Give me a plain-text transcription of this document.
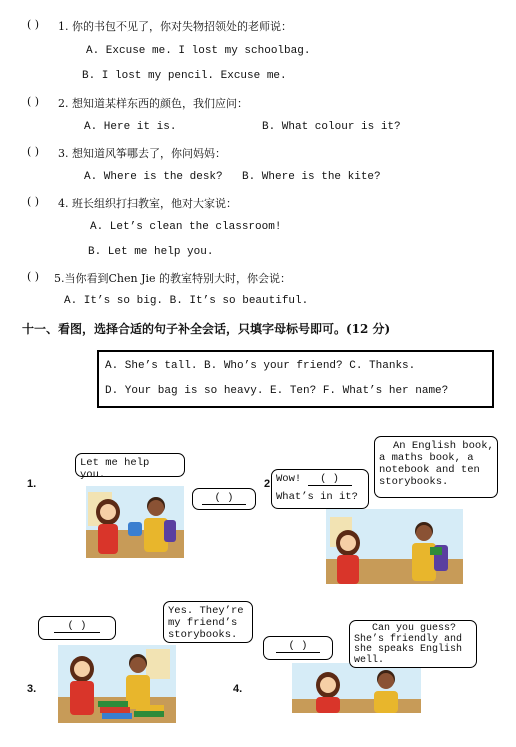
( ) 1. 你的书包不见了，你对失物招领处的老师说：
A. Excuse me. I lost my schoolbag.
B. I lost my pencil. Excuse me.
( ) 2. 想知道某样东西的颜色，我们应问：
A. Here it is.	B. What colour is it?
( ) 3. 想知道风筝哪去了，你问妈妈：
A. Where is the desk? B. Where is the kite?
( ) 4. 班长组织打扫教室，他对大家说：
A. Let’s clean the classroom!
B. Let me help you.
( ) 5.当你看到Chen Jie 的教室特别大时，你会说：
A. It’s so big. B. It’s so beautiful.
十一、看图，选择合适的句子补全会话，只填字母标号即可。(12 分)
A. She’s tall. B. Who’s your friend? C. Thanks.
D. Your bag is so heavy. E. Ten? F. What’s her name?
1.
Let me help you.
( )
2 Wow! ( )
What’s in it?
An English book,
a maths book, a
notebook and ten
storybooks.
3.
( )
Yes. They’re
my friend’s
storybooks.
4.
( )
Can you guess?
She’s friendly and
she speaks English
well.
